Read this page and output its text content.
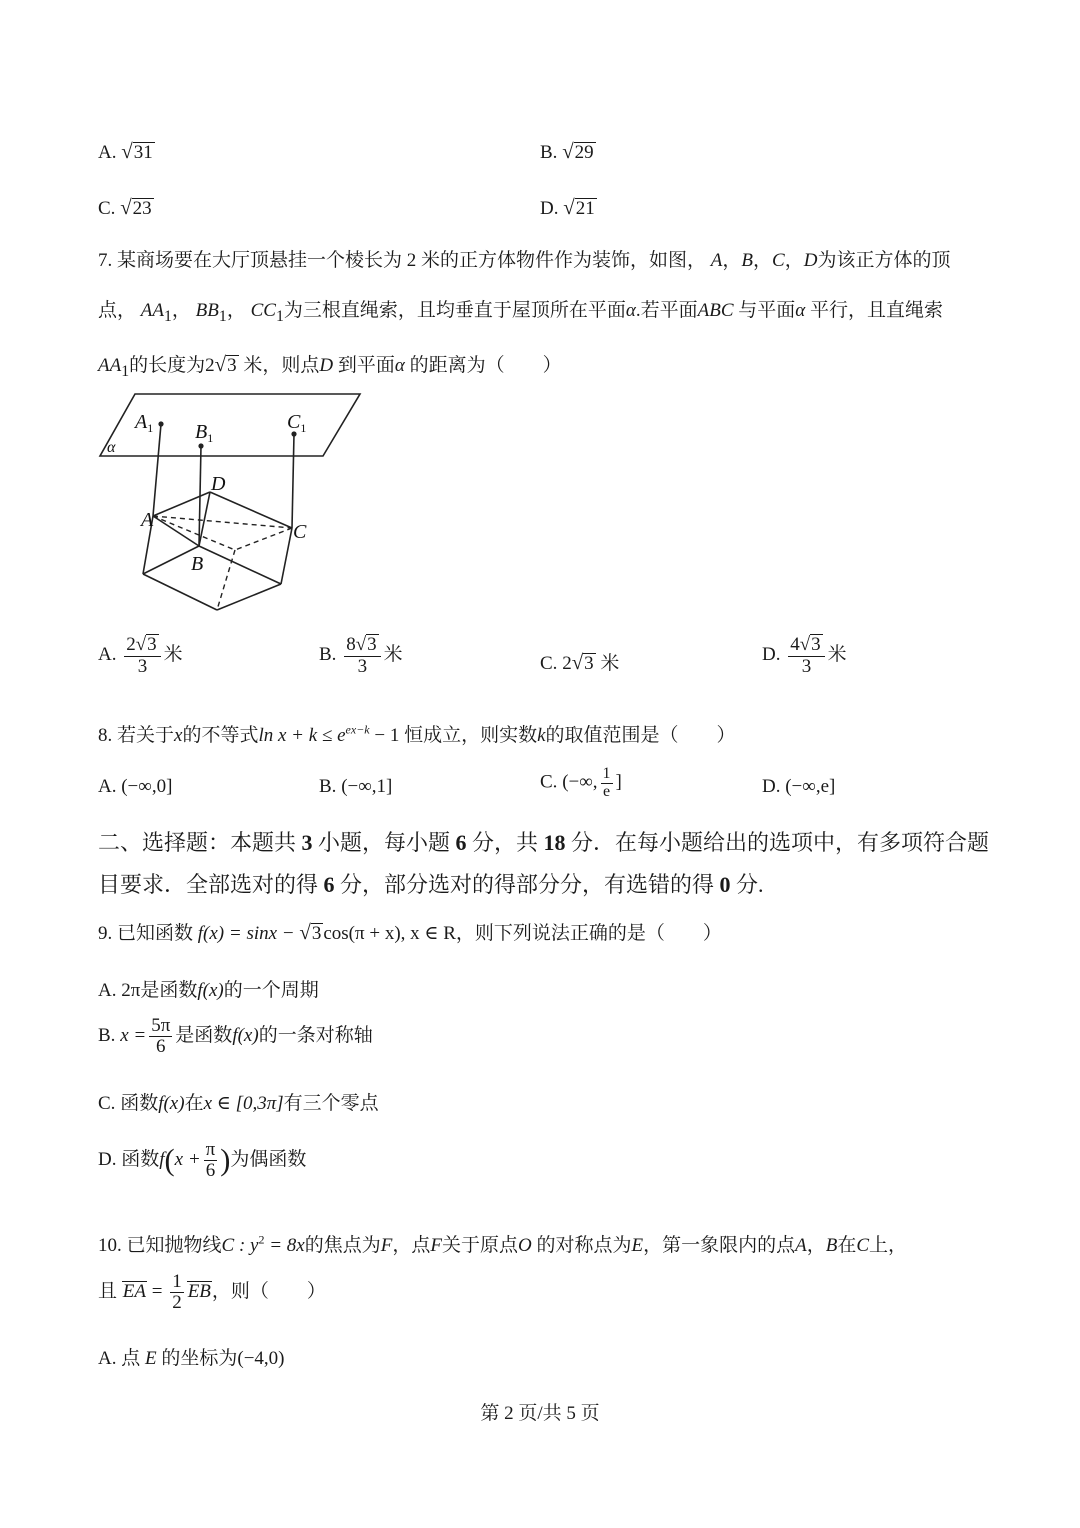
A. √31	B. √29
C. √23	D. √21
7. 某商场要在大厅顶悬挂一个棱长为 2 米的正方体物件作为装饰，如图， A，B，C，D为该正方体的顶
点， $AA_1$， $BB_1$， $CC_1$为三根直绳索，且均垂直于屋顶所在平面α.若平面ABC 与平面α 平行，且直绳索
$AA_1$的长度为2√3 米，则点D 到平面α 的距离为（　　）
$A_1$ $B_1$
$C_1$
α
D
A
C
B
A. $\frac{2√3}{3}$ 米	B. $\frac{8√3}{3}$ 米	C. 2√3 米	D. $\frac{4√3}{3}$ 米
8. 若关于x的不等式$\ln x + k \le e^{ex-k} - 1$ 恒成立，则实数k的取值范围是（　　）
A. (−∞,0]	B. (−∞,1]	C. (−∞, $\frac{1}{e}$ ]	D. (−∞,e]
二、选择题：本题共 3 小题，每小题 6 分，共 18 分．在每小题给出的选项中，有多项符合题
目要求．全部选对的得 6 分，部分选对的得部分分，有选错的得 0 分.
9. 已知函数 f(x) = sinx − √3 cos(π + x), x ∈ R，则下列说法正确的是（　　）
A. 2π是函数f(x)的一个周期
B. $x = \frac{5\pi}{6}$ 是函数f(x)的一条对称轴
C. 函数f(x)在x ∈ [0,3π]有三个零点
D. 函数$f(x + \frac{\pi}{6}$ )为偶函数
10. 已知抛物线C : $y^2 = 8x$的焦点为F，点F关于原点O 的对称点为E，第一象限内的点A，B在C上，
且 EA = $\frac{1}{2}$ EB，则（　　）
A. 点 E 的坐标为(−4,0)
第 2 页/共 5 页
